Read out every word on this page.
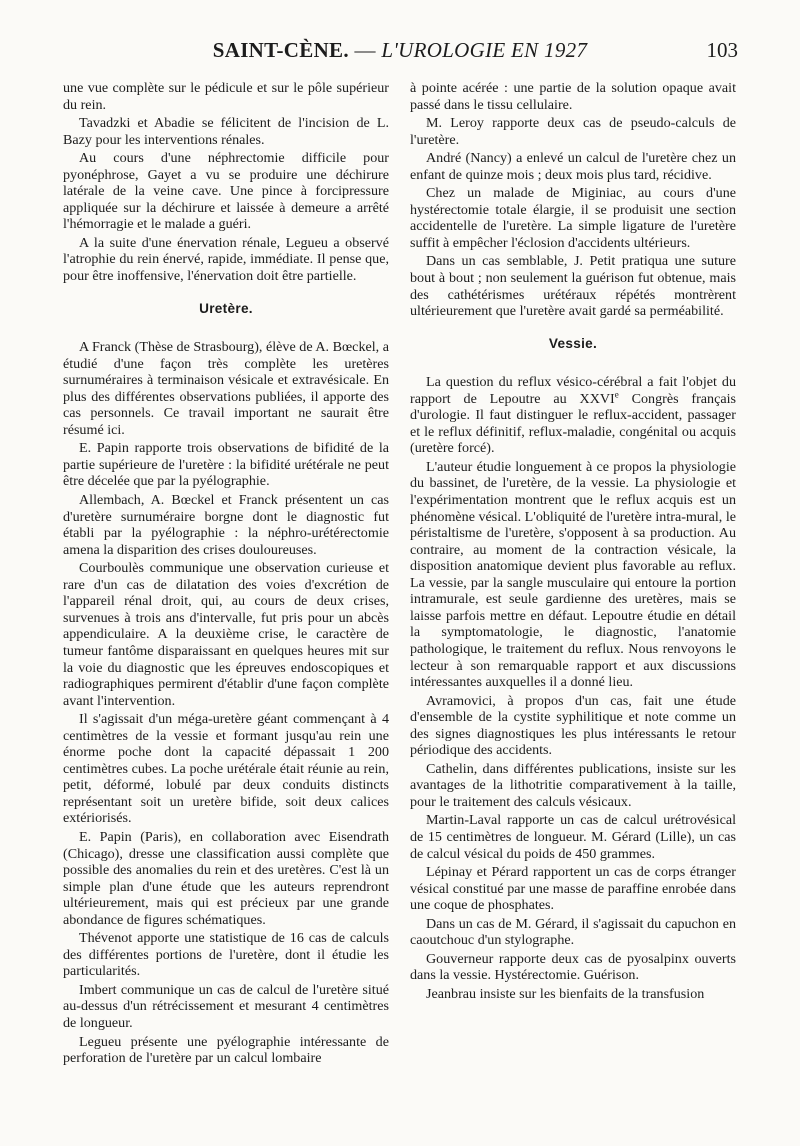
SAINT-CÈNE. — L'UROLOGIE EN 1927	103

une vue complète sur le pédicule et sur le pôle supérieur du rein.

Tavadzki et Abadie se félicitent de l'incision de L. Bazy pour les interventions rénales.

Au cours d'une néphrectomie difficile pour pyonéphrose, Gayet a vu se produire une déchirure latérale de la veine cave. Une pince à forcipressure appliquée sur la déchirure et laissée à demeure a arrêté l'hémorragie et le malade a guéri.

A la suite d'une énervation rénale, Legueu a observé l'atrophie du rein énervé, rapide, immédiate. Il pense que, pour être inoffensive, l'énervation doit être partielle.

Uretère.

A Franck (Thèse de Strasbourg), élève de A. Bœckel, a étudié d'une façon très complète les uretères surnuméraires à terminaison vésicale et extravésicale. En plus des différentes observations publiées, il apporte des cas personnels. Ce travail important ne saurait être résumé ici.

E. Papin rapporte trois observations de bifidité de la partie supérieure de l'uretère : la bifidité urétérale ne peut être décelée que par la pyélographie.

Allembach, A. Bœckel et Franck présentent un cas d'uretère surnuméraire borgne dont le diagnostic fut établi par la pyélographie : la néphro-urétérectomie amena la disparition des crises douloureuses.

Courboulès communique une observation curieuse et rare d'un cas de dilatation des voies d'excrétion de l'appareil rénal droit, qui, au cours de deux crises, survenues à trois ans d'intervalle, fut pris pour un abcès appendiculaire. A la deuxième crise, le caractère de tumeur fantôme disparaissant en quelques heures mit sur la voie du diagnostic que les épreuves endoscopiques et radiographiques permirent d'établir d'une façon complète avant l'intervention.

Il s'agissait d'un méga-uretère géant commençant à 4 centimètres de la vessie et formant jusqu'au rein une énorme poche dont la capacité dépassait 1 200 centimètres cubes. La poche urétérale était réunie au rein, petit, déformé, lobulé par deux conduits distincts représentant soit un uretère bifide, soit deux calices extériorisés.

E. Papin (Paris), en collaboration avec Eisendrath (Chicago), dresse une classification aussi complète que possible des anomalies du rein et des uretères. C'est là un simple plan d'une étude que les auteurs reprendront ultérieurement, mais qui est précieux par une grande abondance de figures schématiques.

Thévenot apporte une statistique de 16 cas de calculs des différentes portions de l'uretère, dont il étudie les particularités.

Imbert communique un cas de calcul de l'uretère situé au-dessus d'un rétrécissement et mesurant 4 centimètres de longueur.

Legueu présente une pyélographie intéressante de perforation de l'uretère par un calcul lombaire

à pointe acérée : une partie de la solution opaque avait passé dans le tissu cellulaire.

M. Leroy rapporte deux cas de pseudo-calculs de l'uretère.

André (Nancy) a enlevé un calcul de l'uretère chez un enfant de quinze mois ; deux mois plus tard, récidive.

Chez un malade de Miginiac, au cours d'une hystérectomie totale élargie, il se produisit une section accidentelle de l'uretère. La simple ligature de l'uretère suffit à empêcher l'éclosion d'accidents ultérieurs.

Dans un cas semblable, J. Petit pratiqua une suture bout à bout ; non seulement la guérison fut obtenue, mais des cathétérismes urétéraux répétés montrèrent ultérieurement que l'uretère avait gardé sa perméabilité.

Vessie.

La question du reflux vésico-cérébral a fait l'objet du rapport de Lepoutre au XXVIe Congrès français d'urologie. Il faut distinguer le reflux-accident, passager et le reflux définitif, reflux-maladie, congénital ou acquis (uretère forcé).

L'auteur étudie longuement à ce propos la physiologie du bassinet, de l'uretère, de la vessie. La physiologie et l'expérimentation montrent que le reflux acquis est un phénomène vésical. L'obliquité de l'uretère intra-mural, le péristaltisme de l'uretère, s'opposent à sa production. Au contraire, au moment de la contraction vésicale, la disposition anatomique devient plus favorable au reflux. La vessie, par la sangle musculaire qui entoure la portion intramurale, est seule gardienne des uretères, mais se laisse parfois mettre en défaut. Lepoutre étudie en détail la symptomatologie, le diagnostic, l'anatomie pathologique, le traitement du reflux. Nous renvoyons le lecteur à son remarquable rapport et aux discussions intéressantes auxquelles il a donné lieu.

Avramovici, à propos d'un cas, fait une étude d'ensemble de la cystite syphilitique et note comme un des signes diagnostiques les plus intéressants le retour périodique des accidents.

Cathelin, dans différentes publications, insiste sur les avantages de la lithotritie comparativement à la taille, pour le traitement des calculs vésicaux.

Martin-Laval rapporte un cas de calcul urétrovésical de 15 centimètres de longueur. M. Gérard (Lille), un cas de calcul vésical du poids de 450 grammes.

Lépinay et Pérard rapportent un cas de corps étranger vésical constitué par une masse de paraffine enrobée dans une coque de phosphates.

Dans un cas de M. Gérard, il s'agissait du capuchon en caoutchouc d'un stylographe.

Gouverneur rapporte deux cas de pyosalpinx ouverts dans la vessie. Hystérectomie. Guérison.

Jeanbrau insiste sur les bienfaits de la transfusion
